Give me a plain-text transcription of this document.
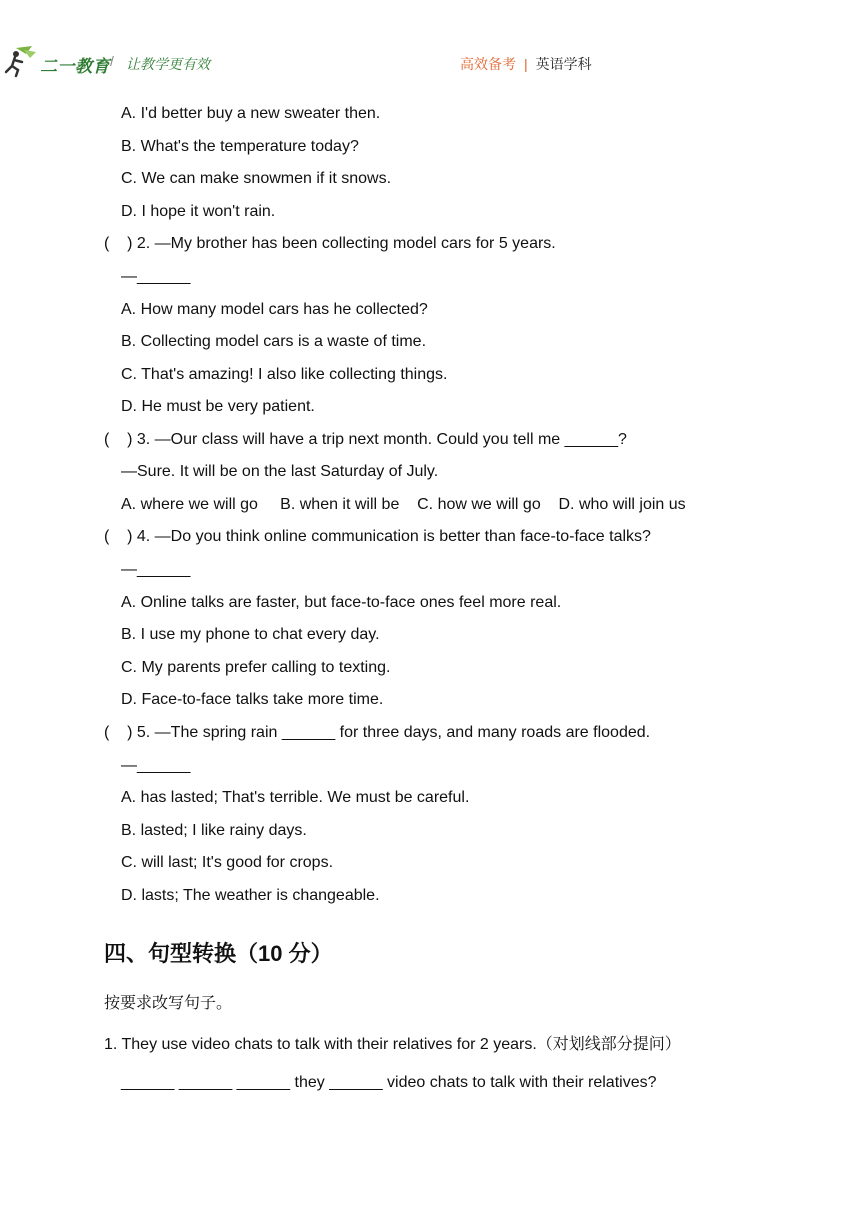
二一教育 / 让教学更有效	高效备考 | 英语学科
A. I'd better buy a new sweater then.
B. What's the temperature today?
C. We can make snowmen if it snows.
D. I hope it won't rain.
(    ) 2. —My brother has been collecting model cars for 5 years.
—______
A. How many model cars has he collected?
B. Collecting model cars is a waste of time.
C. That's amazing! I also like collecting things.
D. He must be very patient.
(    ) 3. —Our class will have a trip next month. Could you tell me ______?
—Sure. It will be on the last Saturday of July.
A. where we will go     B. when it will be    C. how we will go    D. who will join us
(    ) 4. —Do you think online communication is better than face-to-face talks?
—______
A. Online talks are faster, but face-to-face ones feel more real.
B. I use my phone to chat every day.
C. My parents prefer calling to texting.
D. Face-to-face talks take more time.
(    ) 5. —The spring rain ______ for three days, and many roads are flooded.
—______
A. has lasted; That's terrible. We must be careful.
B. lasted; I like rainy days.
C. will last; It's good for crops.
D. lasts; The weather is changeable.
四、句型转换（10 分）
按要求改写句子。
1. They use video chats to talk with their relatives for 2 years.（对划线部分提问）
______ ______ ______ they ______ video chats to talk with their relatives?
